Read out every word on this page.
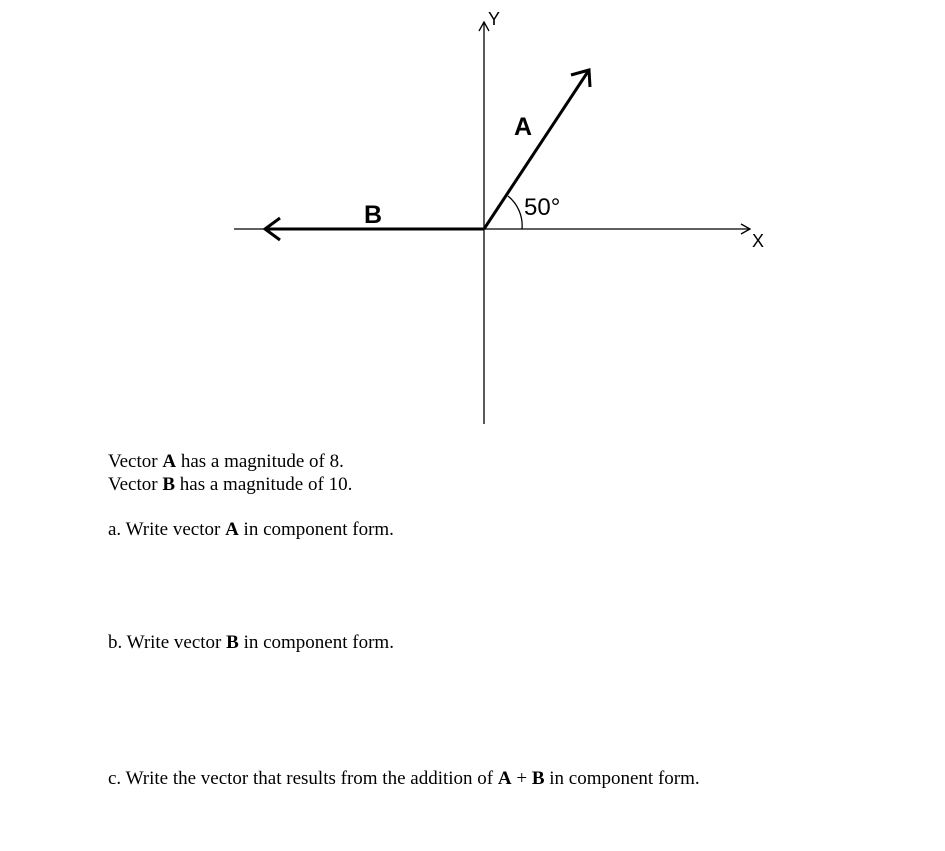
X
Y
A
50°
B
Vector A has a magnitude of 8.
Vector B has a magnitude of 10.
a. Write vector A in component form.
b. Write vector B in component form.
c. Write the vector that results from the addition of A + B in component form.
